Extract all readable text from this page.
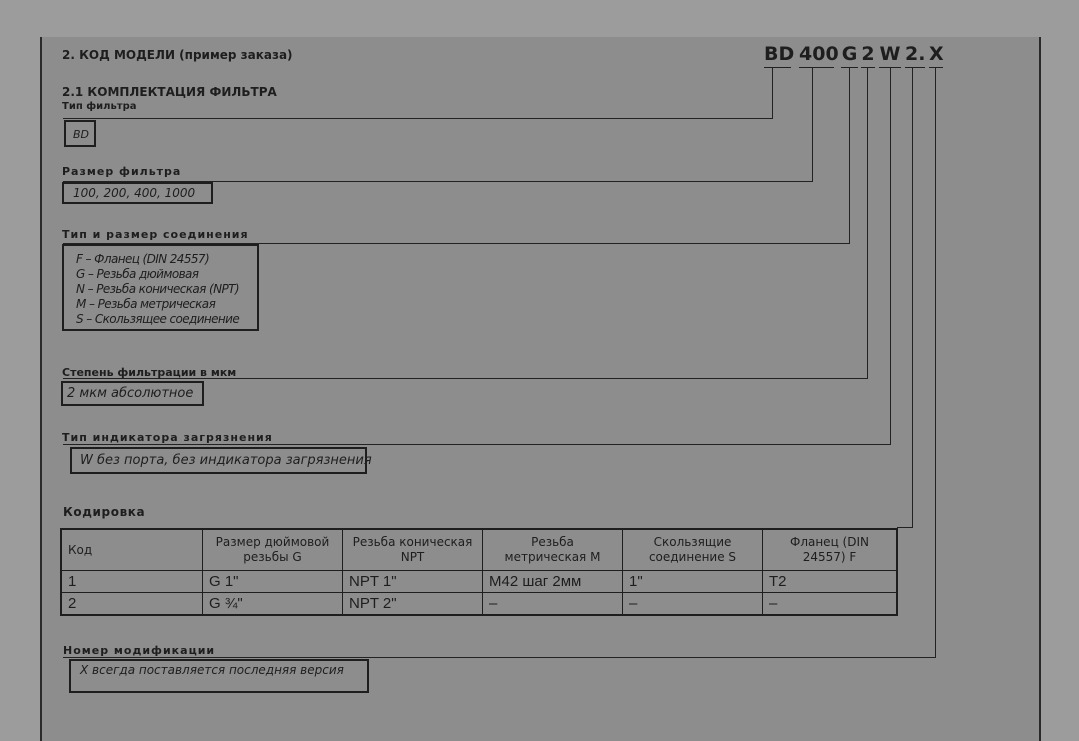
2. КОД МОДЕЛИ (пример заказа)
2.1 КОМПЛЕКТАЦИЯ ФИЛЬТРА
BD 400 G 2 W 2. X
Тип фильтра
BD
Размер фильтра
100, 200, 400, 1000
Тип и размер соединения
F – Фланец (DIN 24557)
G – Резьба дюймовая
N – Резьба коническая (NPT)
M – Резьба метрическая
S – Скользящее соединение
Степень фильтрации в мкм
2 мкм абсолютное
Тип индикатора загрязнения
W без порта, без индикатора загрязнения
Кодировка
Код	Размер дюймовой резьбы G	Резьба коническая NPT	Резьба метрическая M	Скользящие соединение S	Фланец (DIN 24557) F
1	G 1"	NPT 1"	M42 шаг 2мм	1"	T2
2	G ¾"	NPT 2"	–	–	–
Номер модификации
X всегда поставляется последняя версия
